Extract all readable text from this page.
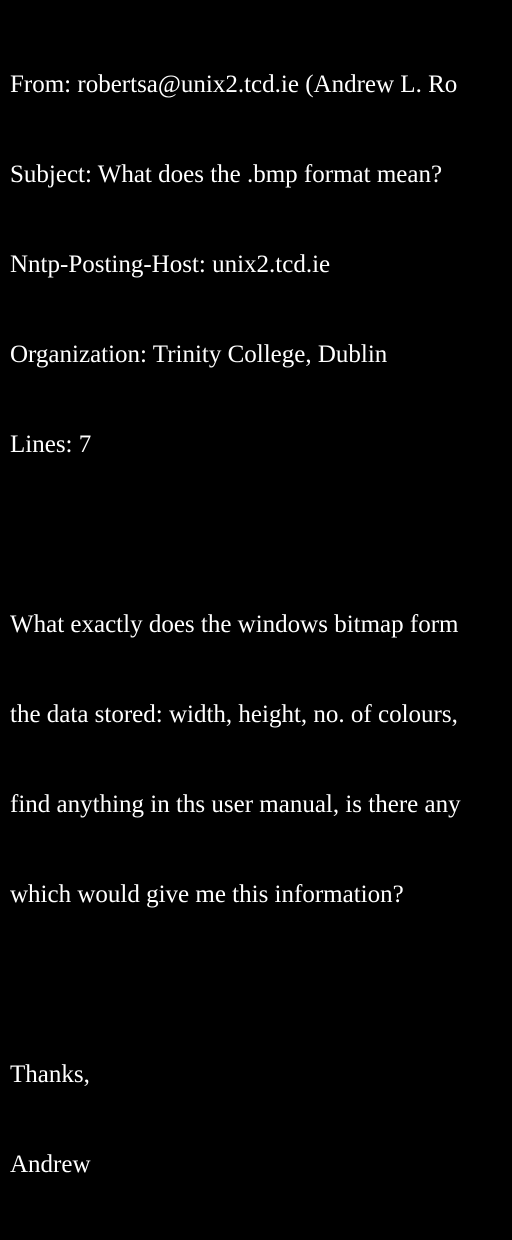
From: robertsa@unix2.tcd.ie (Andrew L. Ro

Subject: What does the .bmp format mean?

Nntp-Posting-Host: unix2.tcd.ie

Organization: Trinity College, Dublin

Lines: 7

What exactly does the windows bitmap form

the data stored: width, height, no. of colours,

find anything in ths user manual, is there any

which would give me this information?

Thanks,

Andrew
